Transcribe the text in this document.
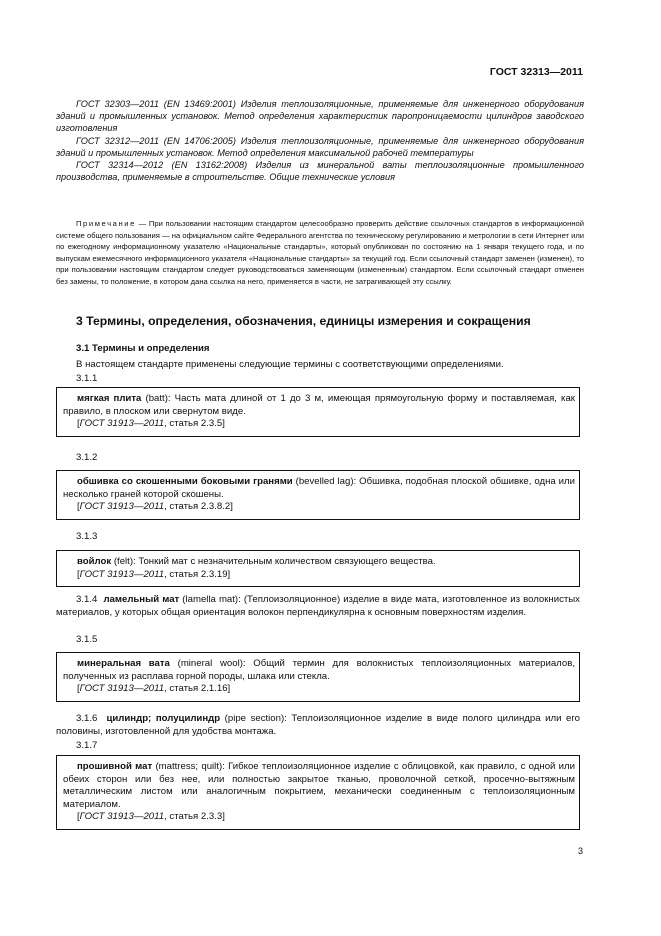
ГОСТ 32313—2011

ГОСТ 32303—2011 (EN 13469:2001) Изделия теплоизоляционные, применяемые для инженерного оборудования зданий и промышленных установок. Метод определения характеристик паропроницаемости цилиндров заводского изготовления

ГОСТ 32312—2011 (EN 14706:2005) Изделия теплоизоляционные, применяемые для инженерного оборудования зданий и промышленных установок. Метод определения максимальной рабочей температуры

ГОСТ 32314—2012 (EN 13162:2008) Изделия из минеральной ваты теплоизоляционные промышленного производства, применяемые в строительстве. Общие технические условия

Примечание — При пользовании настоящим стандартом целесообразно проверить действие ссылочных стандартов в информационной системе общего пользования — на официальном сайте Федерального агентства по техническому регулированию и метрологии в сети Интернет или по ежегодному информационному указателю «Национальные стандарты», который опубликован по состоянию на 1 января текущего года, и по выпускам ежемесячного информационного указателя «Национальные стандарты» за текущий год. Если ссылочный стандарт заменен (изменен), то при пользовании настоящим стандартом следует руководствоваться заменяющим (измененным) стандартом. Если ссылочный стандарт отменен без замены, то положение, в котором дана ссылка на него, применяется в части, не затрагивающей эту ссылку.

3 Термины, определения, обозначения, единицы измерения и сокращения
3.1 Термины и определения
В настоящем стандарте применены следующие термины с соответствующими определениями.
3.1.1

мягкая плита (batt): Часть мата длиной от 1 до 3 м, имеющая прямоугольную форму и поставляемая, как правило, в плоском или свернутом виде.

[ГОСТ 31913—2011, статья 2.3.5]

3.1.2

обшивка со скошенными боковыми гранями (bevelled lag): Обшивка, подобная плоской обшивке, одна или несколько граней которой скошены.

[ГОСТ 31913—2011, статья 2.3.8.2]

3.1.3

войлок (felt): Тонкий мат с незначительным количеством связующего вещества.

[ГОСТ 31913—2011, статья 2.3.19]

3.1.4 ламельный мат (lamella mat): (Теплоизоляционное) изделие в виде мата, изготовленное из волокнистых материалов, у которых общая ориентация волокон перпендикулярна к основным поверхностям изделия.

3.1.5

минеральная вата (mineral wool): Общий термин для волокнистых теплоизоляционных материалов, полученных из расплава горной породы, шлака или стекла.

[ГОСТ 31913—2011, статья 2.1.16]

3.1.6 цилиндр; полуцилиндр (pipe section): Теплоизоляционное изделие в виде полого цилиндра или его половины, изготовленной для удобства монтажа.

3.1.7

прошивной мат (mattress; quilt): Гибкое теплоизоляционное изделие с облицовкой, как правило, с одной или обеих сторон или без нее, или полностью закрытое тканью, проволочной сеткой, просечно-вытяжным металлическим листом или аналогичным покрытием, механически соединенным с теплоизоляционным материалом.

[ГОСТ 31913—2011, статья 2.3.3]

3
